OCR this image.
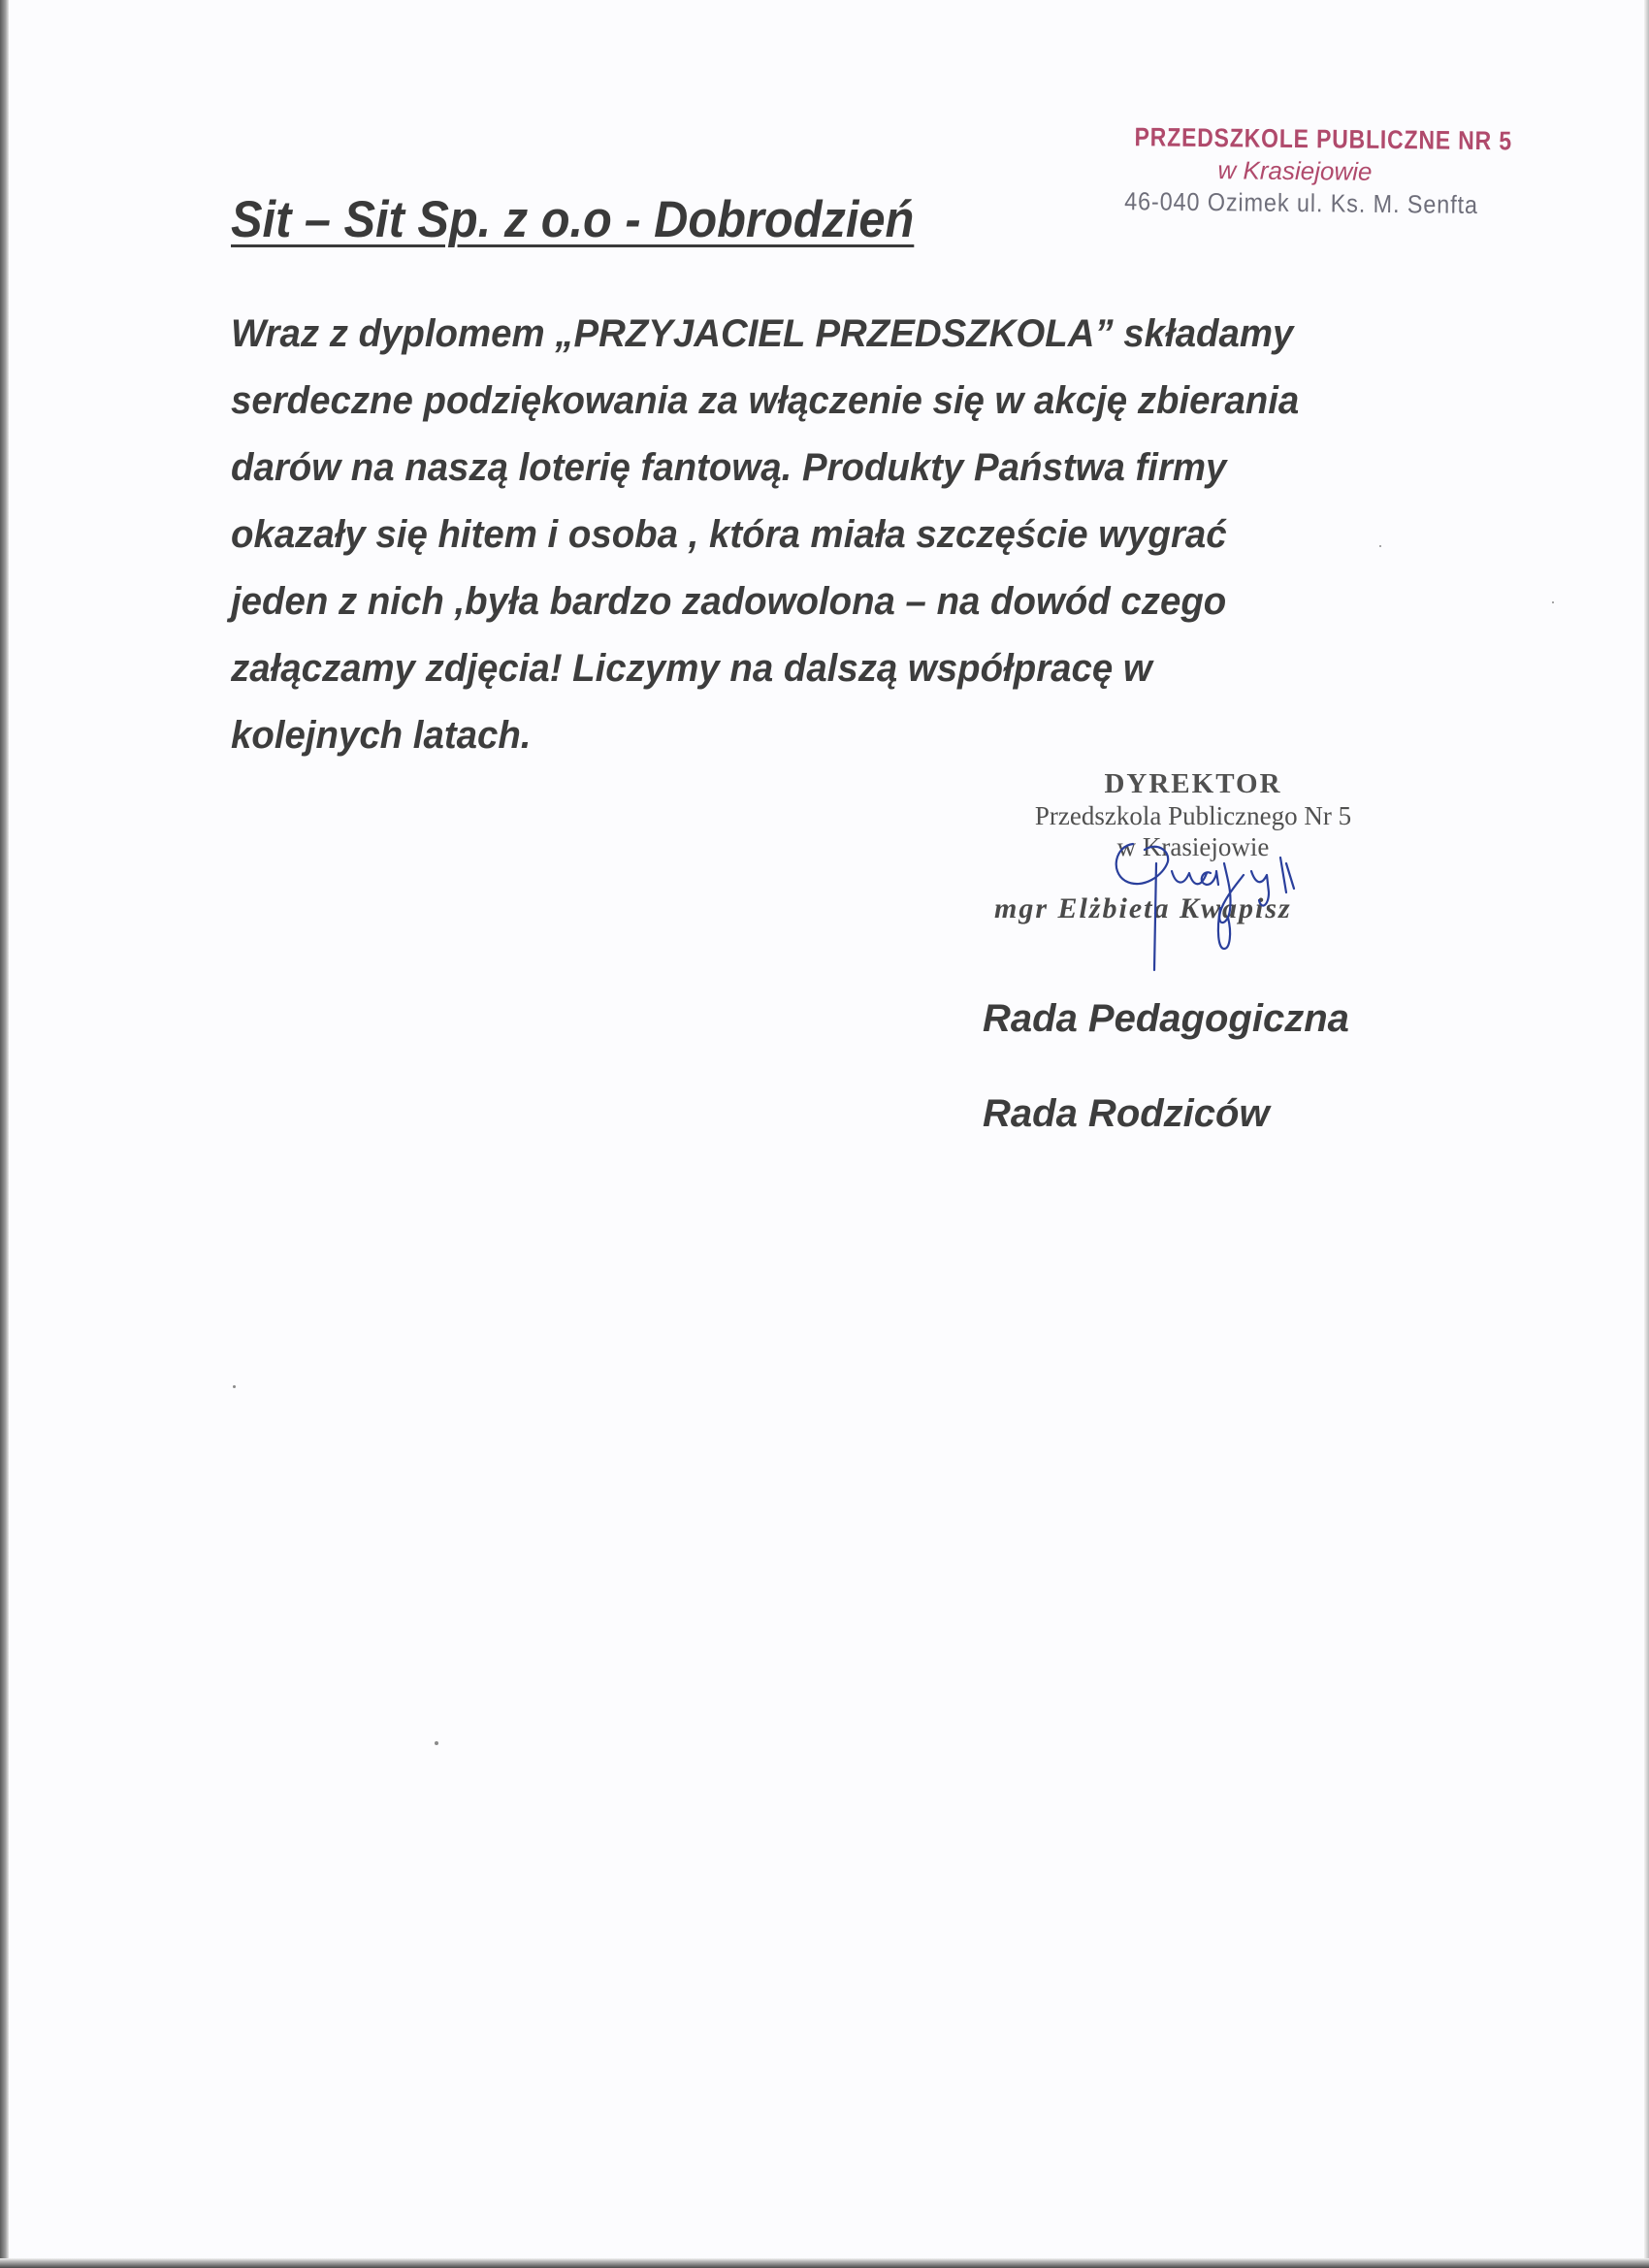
PRZEDSZKOLE PUBLICZNE NR 5
w Krasiejowie
46-040 Ozimek ul. Ks. M. Senfta
Sit – Sit Sp. z o.o - Dobrodzień
Wraz z dyplomem „PRZYJACIEL PRZEDSZKOLA” składamy
serdeczne podziękowania za włączenie się w akcję zbierania
darów na naszą loterię fantową. Produkty Państwa firmy
okazały się hitem i osoba , która miała szczęście wygrać
jeden z nich ,była bardzo zadowolona – na dowód czego
załączamy zdjęcia! Liczymy na dalszą współpracę w
kolejnych latach.
DYREKTOR
Przedszkola Publicznego Nr 5
w Krasiejowie
mgr Elżbieta Kwapisz
Rada Pedagogiczna
Rada Rodziców
